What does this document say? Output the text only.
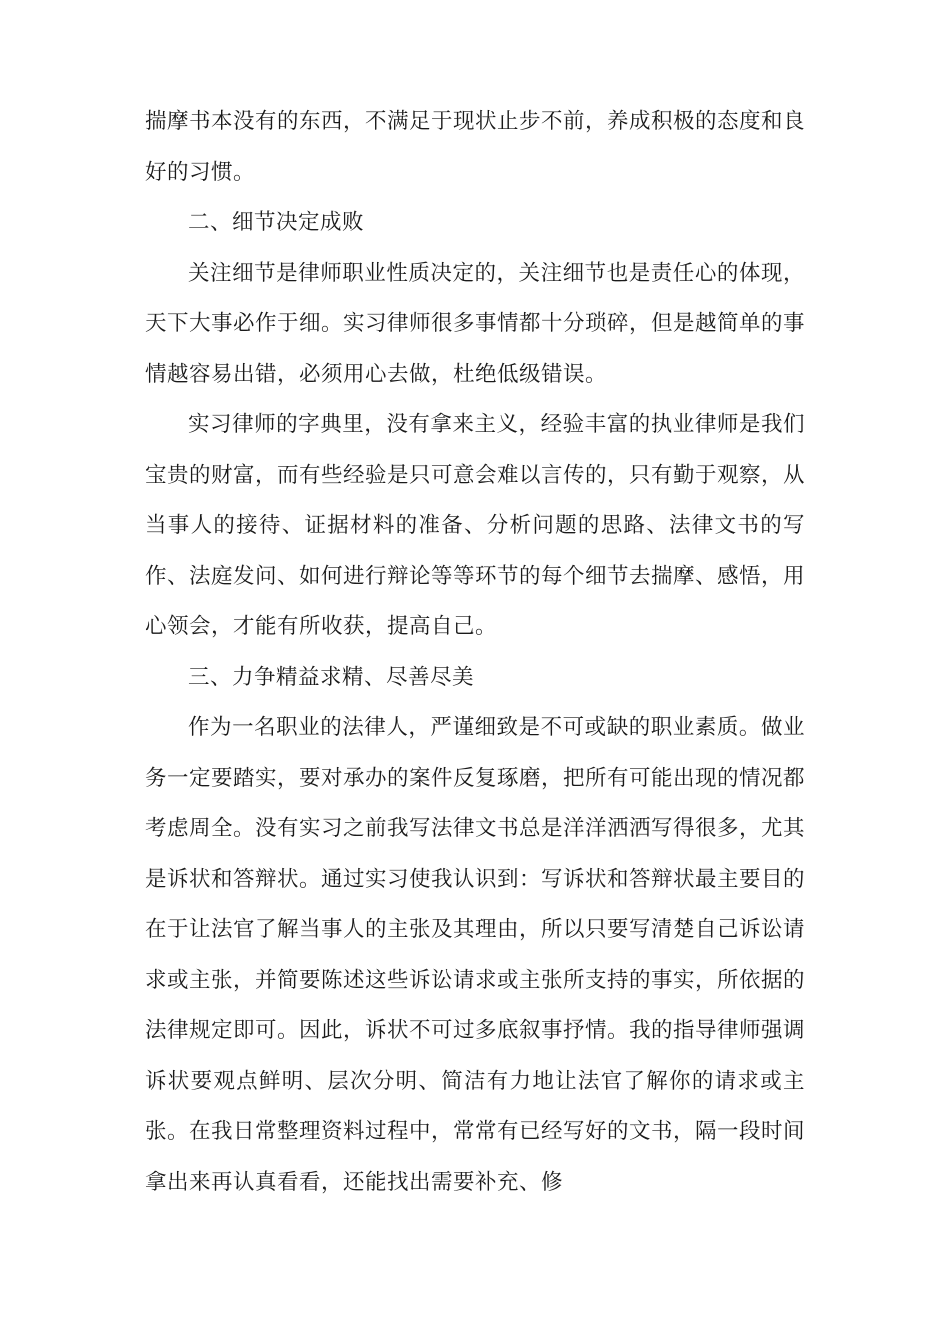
揣摩书本没有的东西，不满足于现状止步不前，养成积极的态度和良好的习惯。

二、细节决定成败

关注细节是律师职业性质决定的，关注细节也是责任心的体现，天下大事必作于细。实习律师很多事情都十分琐碎，但是越简单的事情越容易出错，必须用心去做，杜绝低级错误。

实习律师的字典里，没有拿来主义，经验丰富的执业律师是我们宝贵的财富，而有些经验是只可意会难以言传的，只有勤于观察，从当事人的接待、证据材料的准备、分析问题的思路、法律文书的写作、法庭发问、如何进行辩论等等环节的每个细节去揣摩、感悟，用心领会，才能有所收获，提高自己。

三、力争精益求精、尽善尽美

作为一名职业的法律人，严谨细致是不可或缺的职业素质。做业务一定要踏实，要对承办的案件反复琢磨，把所有可能出现的情况都考虑周全。没有实习之前我写法律文书总是洋洋洒洒写得很多，尤其是诉状和答辩状。通过实习使我认识到：写诉状和答辩状最主要目的在于让法官了解当事人的主张及其理由，所以只要写清楚自己诉讼请求或主张，并简要陈述这些诉讼请求或主张所支持的事实，所依据的法律规定即可。因此，诉状不可过多底叙事抒情。我的指导律师强调诉状要观点鲜明、层次分明、简洁有力地让法官了解你的请求或主张。在我日常整理资料过程中，常常有已经写好的文书，隔一段时间拿出来再认真看看，还能找出需要补充、修
